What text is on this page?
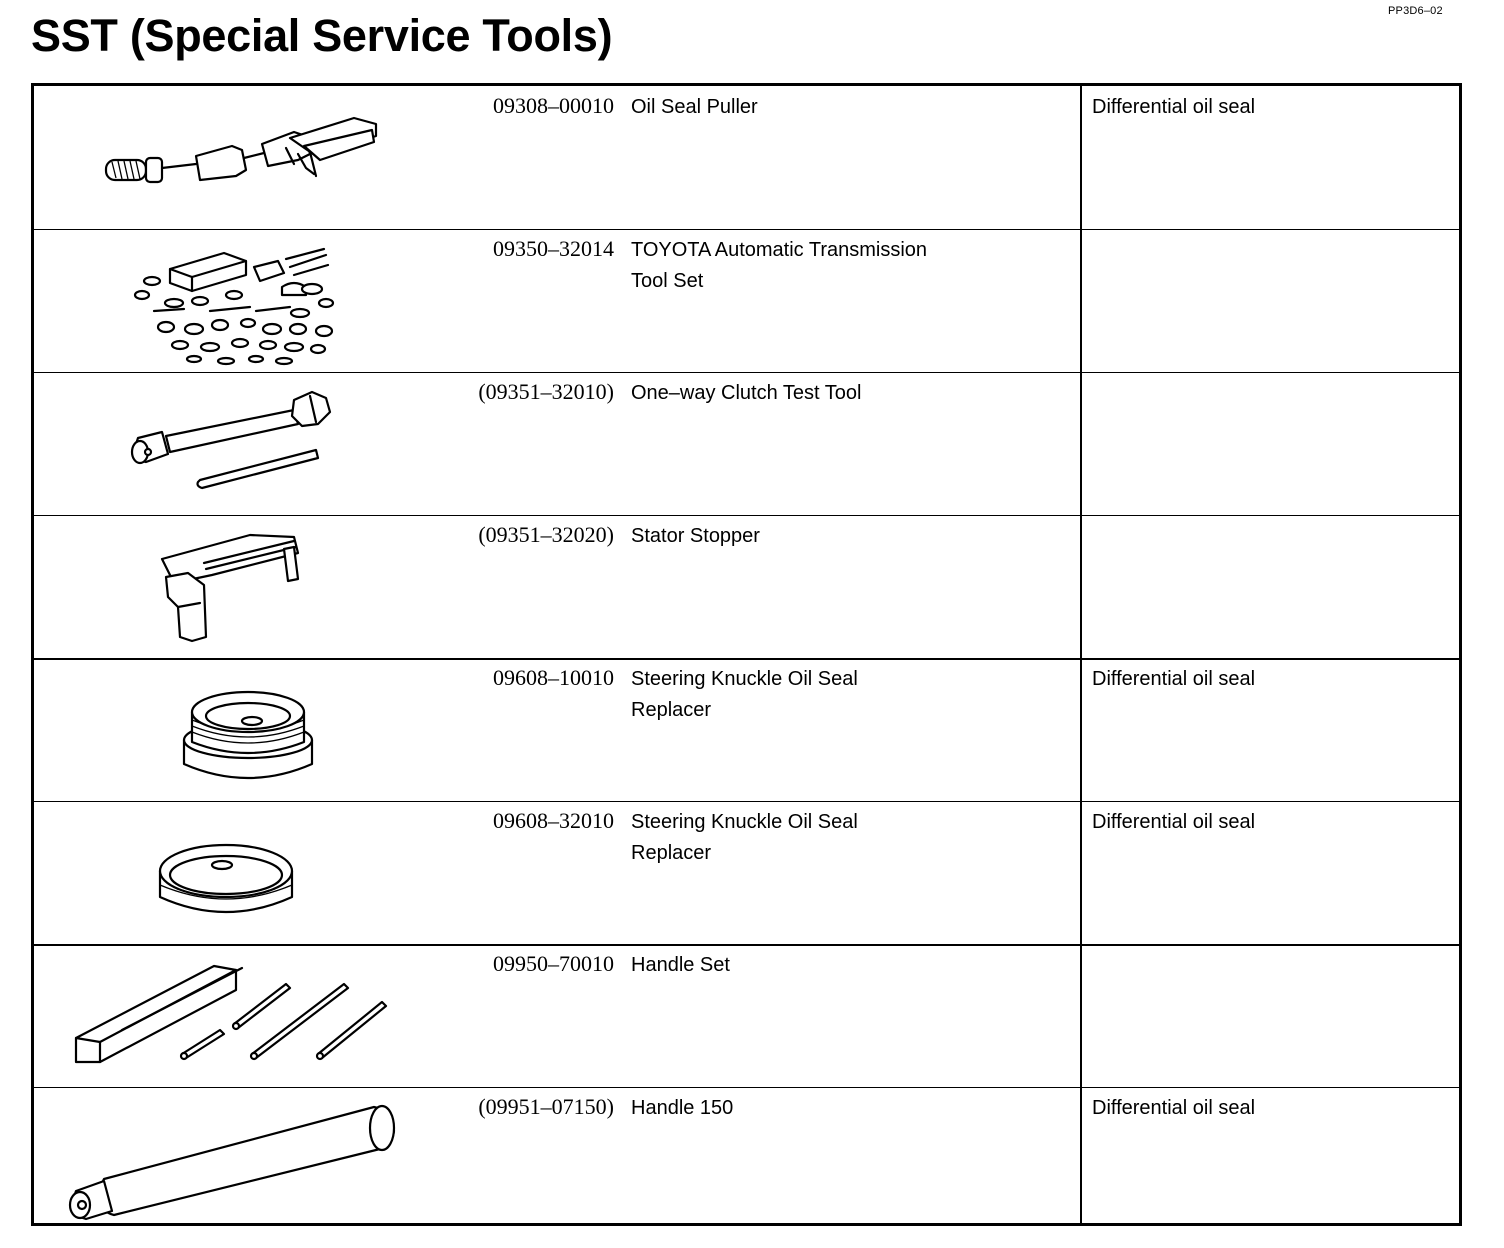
PP3D6–02
SST (Special Service Tools)
09308–00010 Oil Seal Puller	Differential oil seal
09350–32014 TOYOTA Automatic Transmission
Tool Set
(09351–32010) One–way Clutch Test Tool
(09351–32020) Stator Stopper
09608–10010 Steering Knuckle Oil Seal
Replacer
Differential oil seal
09608–32010 Steering Knuckle Oil Seal
Replacer
Differential oil seal
09950–70010 Handle Set
(09951–07150) Handle 150	Differential oil seal
